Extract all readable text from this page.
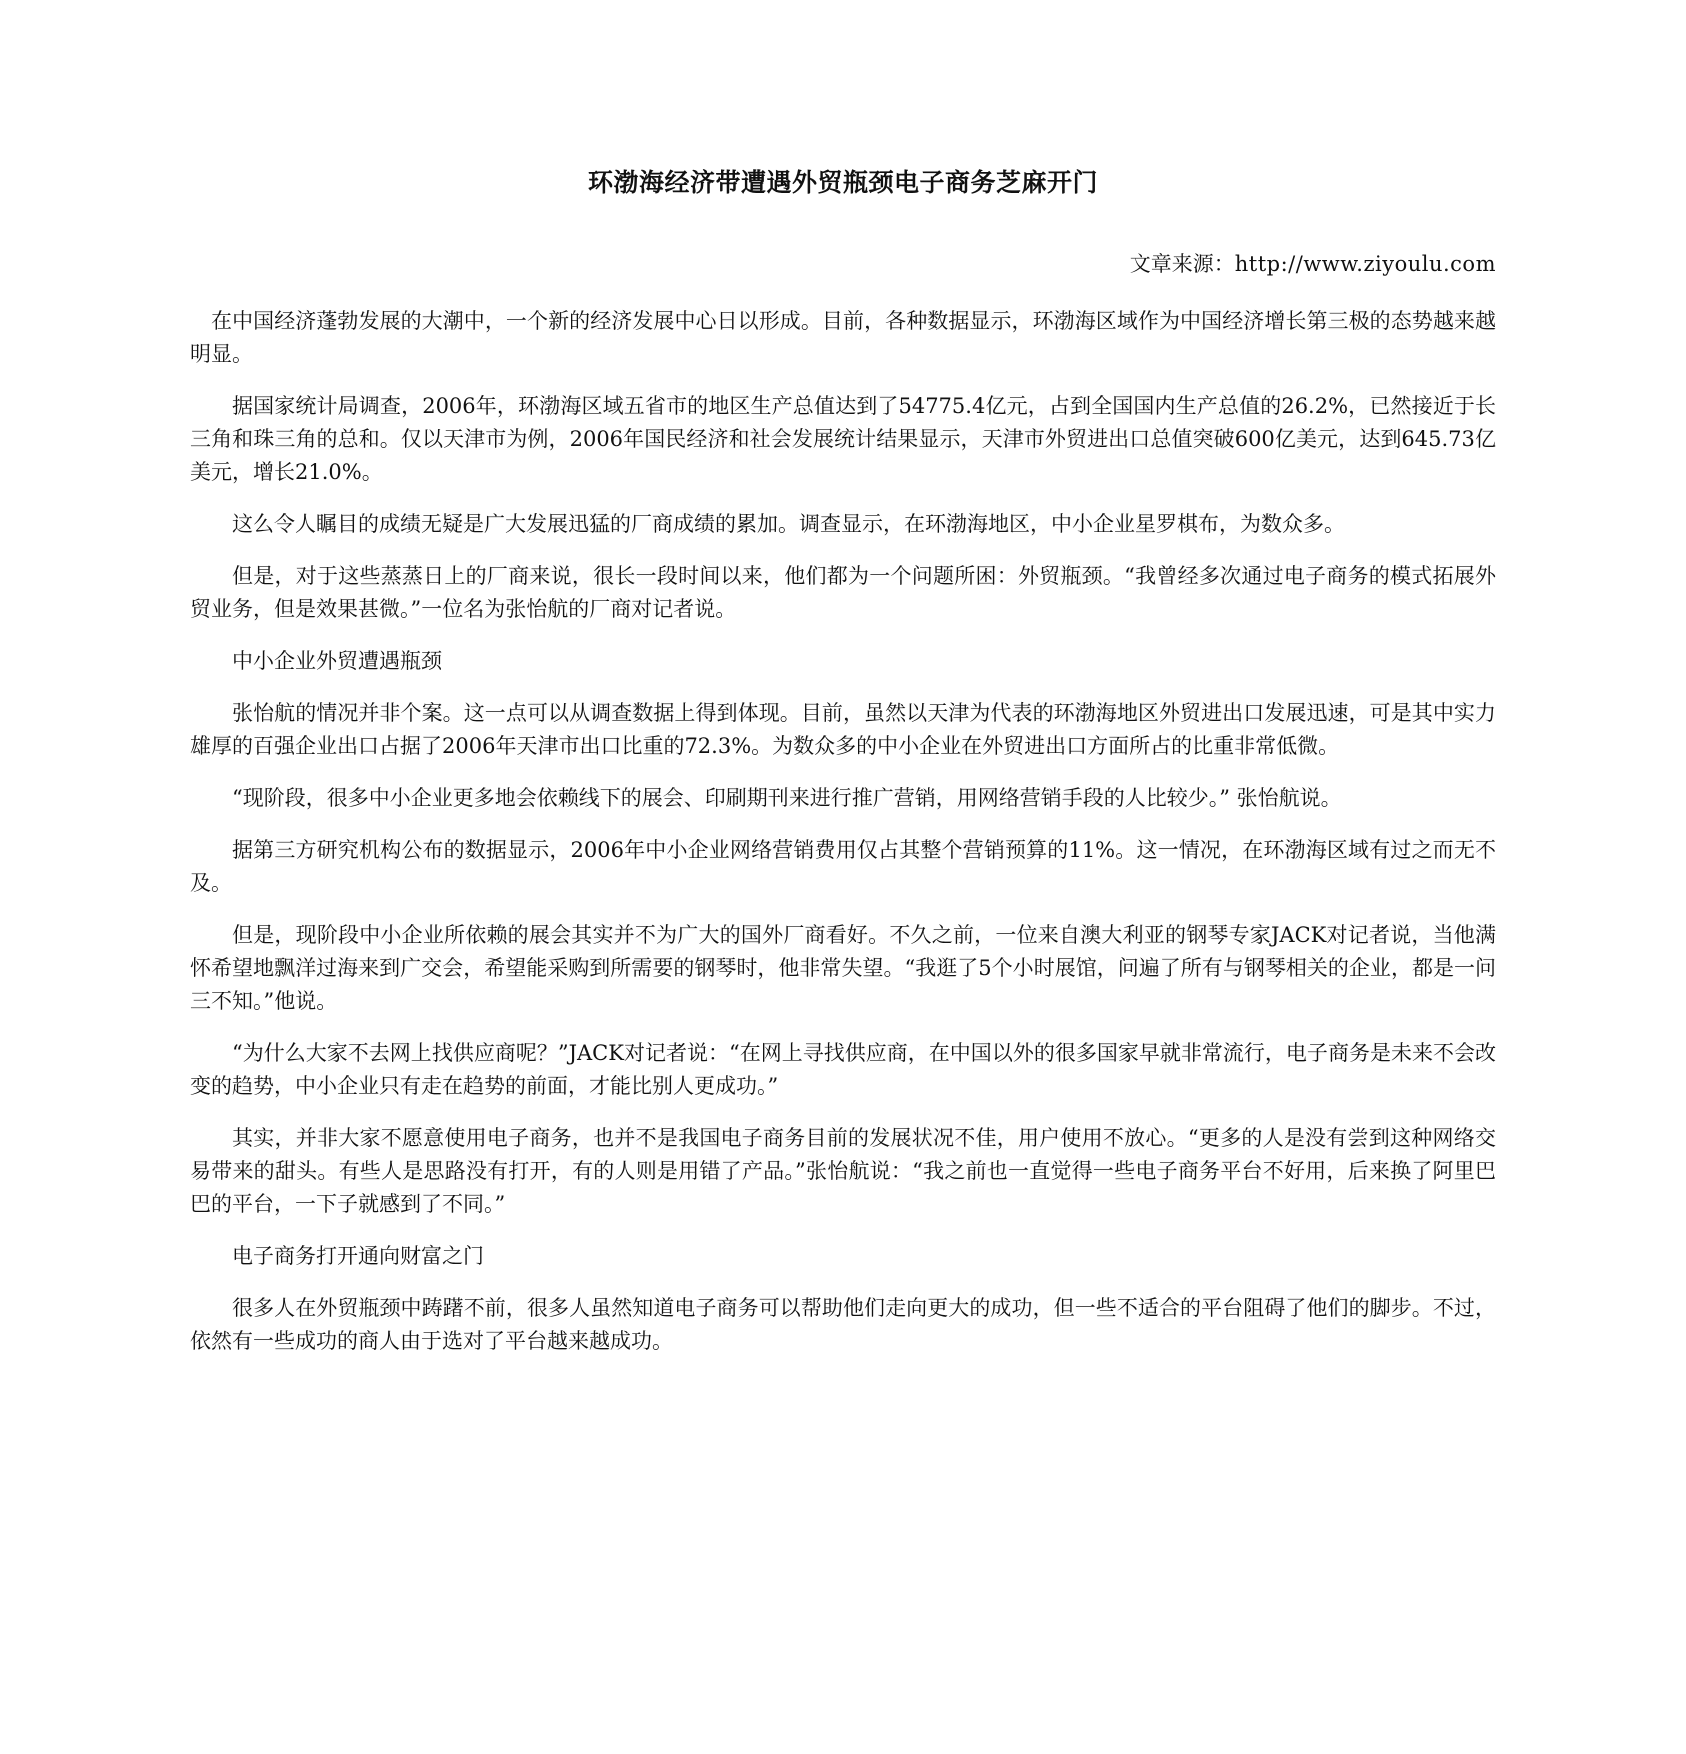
环渤海经济带遭遇外贸瓶颈电子商务芝麻开门
文章来源：http://www.ziyoulu.com

在中国经济蓬勃发展的大潮中，一个新的经济发展中心日以形成。目前，各种数据显示，环渤海区域作为中国经济增长第三极的态势越来越明显。

据国家统计局调查，2006年，环渤海区域五省市的地区生产总值达到了54775.4亿元，占到全国国内生产总值的26.2%，已然接近于长三角和珠三角的总和。仅以天津市为例，2006年国民经济和社会发展统计结果显示，天津市外贸进出口总值突破600亿美元，达到645.73亿美元，增长21.0%。

这么令人瞩目的成绩无疑是广大发展迅猛的厂商成绩的累加。调查显示，在环渤海地区，中小企业星罗棋布，为数众多。

但是，对于这些蒸蒸日上的厂商来说，很长一段时间以来，他们都为一个问题所困：外贸瓶颈。“我曾经多次通过电子商务的模式拓展外贸业务，但是效果甚微。”一位名为张怡航的厂商对记者说。

中小企业外贸遭遇瓶颈

张怡航的情况并非个案。这一点可以从调查数据上得到体现。目前，虽然以天津为代表的环渤海地区外贸进出口发展迅速，可是其中实力雄厚的百强企业出口占据了2006年天津市出口比重的72.3%。为数众多的中小企业在外贸进出口方面所占的比重非常低微。

“现阶段，很多中小企业更多地会依赖线下的展会、印刷期刊来进行推广营销，用网络营销手段的人比较少。” 张怡航说。

据第三方研究机构公布的数据显示，2006年中小企业网络营销费用仅占其整个营销预算的11%。这一情况，在环渤海区域有过之而无不及。

但是，现阶段中小企业所依赖的展会其实并不为广大的国外厂商看好。不久之前，一位来自澳大利亚的钢琴专家JACK对记者说，当他满怀希望地飘洋过海来到广交会，希望能采购到所需要的钢琴时，他非常失望。“我逛了5个小时展馆，问遍了所有与钢琴相关的企业，都是一问三不知。”他说。

“为什么大家不去网上找供应商呢？”JACK对记者说：“在网上寻找供应商，在中国以外的很多国家早就非常流行，电子商务是未来不会改变的趋势，中小企业只有走在趋势的前面，才能比别人更成功。”

其实，并非大家不愿意使用电子商务，也并不是我国电子商务目前的发展状况不佳，用户使用不放心。“更多的人是没有尝到这种网络交易带来的甜头。有些人是思路没有打开，有的人则是用错了产品。”张怡航说：“我之前也一直觉得一些电子商务平台不好用，后来换了阿里巴巴的平台，一下子就感到了不同。”

电子商务打开通向财富之门

很多人在外贸瓶颈中踌躇不前，很多人虽然知道电子商务可以帮助他们走向更大的成功，但一些不适合的平台阻碍了他们的脚步。不过，依然有一些成功的商人由于选对了平台越来越成功。
